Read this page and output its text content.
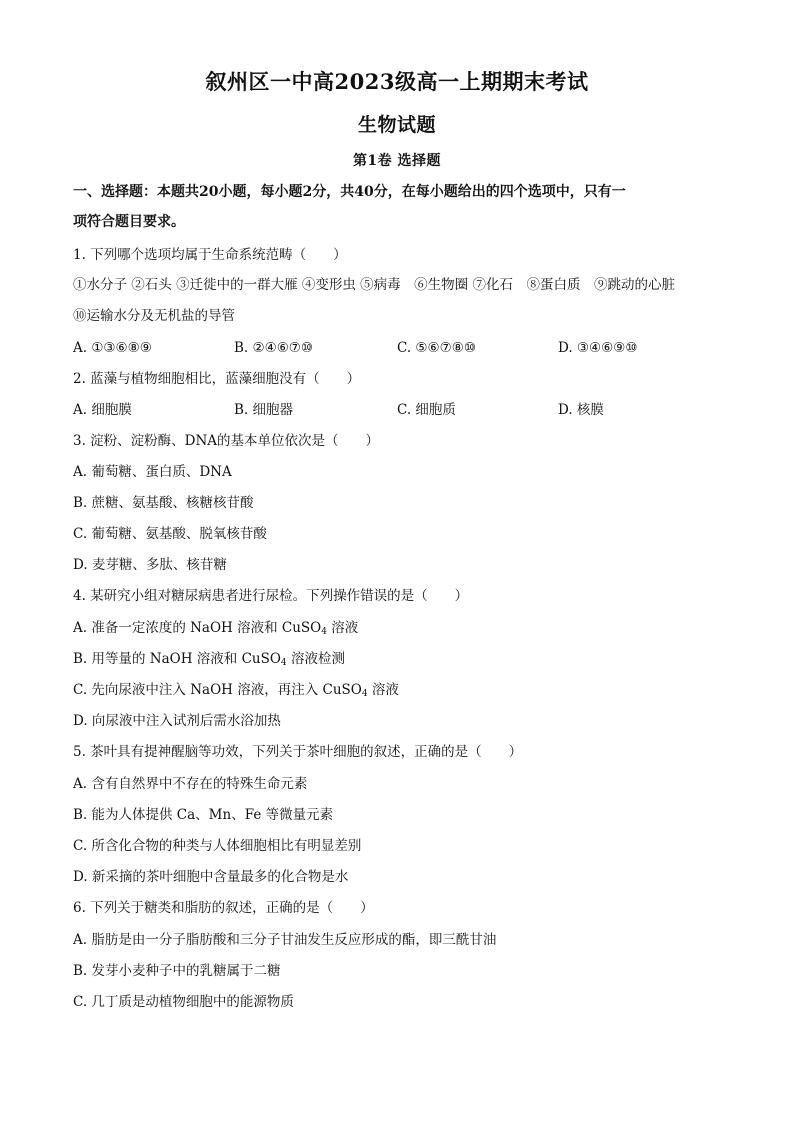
叙州区一中高2023级高一上期期末考试
生物试题
第1卷 选择题
一、选择题：本题共20小题，每小题2分，共40分，在每小题给出的四个选项中，只有一
项符合题目要求。
1. 下列哪个选项均属于生命系统范畴（　　）
①水分子 ②石头 ③迁徙中的一群大雁 ④变形虫 ⑤病毒　⑥生物圈 ⑦化石　⑧蛋白质　⑨跳动的心脏
⑩运输水分及无机盐的导管
A. ①③⑥⑧⑨	B. ②④⑥⑦⑩	C. ⑤⑥⑦⑧⑩	D. ③④⑥⑨⑩
2. 蓝藻与植物细胞相比，蓝藻细胞没有（　　）
A. 细胞膜	B. 细胞器	C. 细胞质	D. 核膜
3. 淀粉、淀粉酶、DNA的基本单位依次是（　　）
A. 葡萄糖、蛋白质、DNA
B. 蔗糖、氨基酸、核糖核苷酸
C. 葡萄糖、氨基酸、脱氧核苷酸
D. 麦芽糖、多肽、核苷糖
4. 某研究小组对糖尿病患者进行尿检。下列操作错误的是（　　）
A. 准备一定浓度的 NaOH 溶液和 CuSO$_4$ 溶液
B. 用等量的 NaOH 溶液和 CuSO$_4$ 溶液检测
C. 先向尿液中注入 NaOH 溶液，再注入 CuSO$_4$ 溶液
D. 向尿液中注入试剂后需水浴加热
5. 茶叶具有提神醒脑等功效，下列关于茶叶细胞的叙述，正确的是（　　）
A. 含有自然界中不存在的特殊生命元素
B. 能为人体提供 Ca、Mn、Fe 等微量元素
C. 所含化合物的种类与人体细胞相比有明显差别
D. 新采摘的茶叶细胞中含量最多的化合物是水
6. 下列关于糖类和脂肪的叙述，正确的是（　　）
A. 脂肪是由一分子脂肪酸和三分子甘油发生反应形成的酯，即三酰甘油
B. 发芽小麦种子中的乳糖属于二糖
C. 几丁质是动植物细胞中的能源物质
